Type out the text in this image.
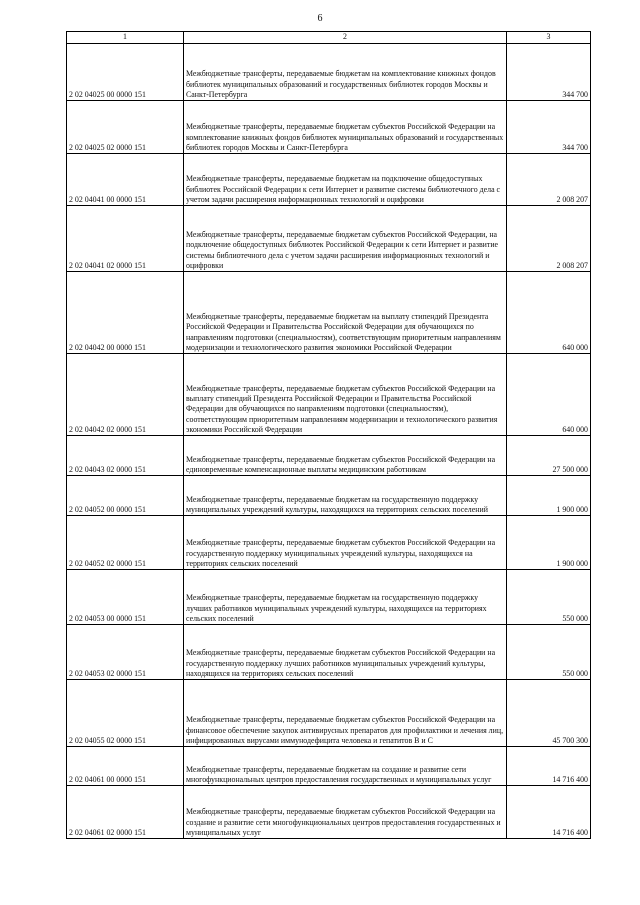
6
1	2	3
2 02 04025 00 0000 151	Межбюджетные трансферты, передаваемые бюджетам на комплектование книжных фондов библиотек муниципальных образований и государственных библиотек городов Москвы и Санкт-Петербурга	344 700
2 02 04025 02 0000 151	Межбюджетные трансферты, передаваемые бюджетам субъектов Российской Федерации на комплектование книжных фондов библиотек муниципальных образований и государственных библиотек городов Москвы и Санкт-Петербурга	344 700
2 02 04041 00 0000 151	Межбюджетные трансферты, передаваемые бюджетам на подключение общедоступных библиотек Российской Федерации к сети Интернет и развитие системы библиотечного дела с учетом задачи расширения информационных технологий и оцифровки	2 008 207
2 02 04041 02 0000 151	Межбюджетные трансферты, передаваемые бюджетам субъектов Российской Федерации, на подключение общедоступных библиотек Российской Федерации к сети Интернет и развитие системы библиотечного дела с учетом задачи расширения информационных технологий и оцифровки	2 008 207
2 02 04042 00 0000 151	Межбюджетные трансферты, передаваемые бюджетам на выплату стипендий Президента Российской Федерации и Правительства Российской Федерации для обучающихся по направлениям подготовки (специальностям), соответствующим приоритетным направлениям модернизации и технологического развития экономики Российской Федерации	640 000
2 02 04042 02 0000 151	Межбюджетные трансферты, передаваемые бюджетам субъектов Российской Федерации на выплату стипендий Президента Российской Федерации и Правительства Российской Федерации для обучающихся по направлениям подготовки (специальностям), соответствующим приоритетным направлениям модернизации и технологического развития экономики Российской Федерации	640 000
2 02 04043 02 0000 151	Межбюджетные трансферты, передаваемые бюджетам субъектов Российской Федерации на единовременные компенсационные выплаты медицинским работникам	27 500 000
2 02 04052 00 0000 151	Межбюджетные трансферты, передаваемые бюджетам на государственную поддержку муниципальных учреждений культуры, находящихся на территориях сельских поселений	1 900 000
2 02 04052 02 0000 151	Межбюджетные трансферты, передаваемые бюджетам субъектов Российской Федерации на государственную поддержку муниципальных учреждений культуры, находящихся на территориях сельских поселений	1 900 000
2 02 04053 00 0000 151	Межбюджетные трансферты, передаваемые бюджетам на государственную поддержку лучших работников муниципальных учреждений культуры, находящихся на территориях сельских поселений	550 000
2 02 04053 02 0000 151	Межбюджетные трансферты, передаваемые бюджетам субъектов Российской Федерации на государственную поддержку лучших работников муниципальных учреждений культуры, находящихся на территориях сельских поселений	550 000
2 02 04055 02 0000 151	Межбюджетные трансферты, передаваемые бюджетам субъектов Российской Федерации на финансовое обеспечение закупок антивирусных препаратов для профилактики и лечения лиц, инфицированных вирусами иммунодефицита человека и гепатитов B и C	45 700 300
2 02 04061 00 0000 151	Межбюджетные трансферты, передаваемые бюджетам на создание и развитие сети многофункциональных центров предоставления государственных и муниципальных услуг	14 716 400
2 02 04061 02 0000 151	Межбюджетные трансферты, передаваемые бюджетам субъектов Российской Федерации на создание и развитие сети многофункциональных центров предоставления государственных и муниципальных услуг	14 716 400
